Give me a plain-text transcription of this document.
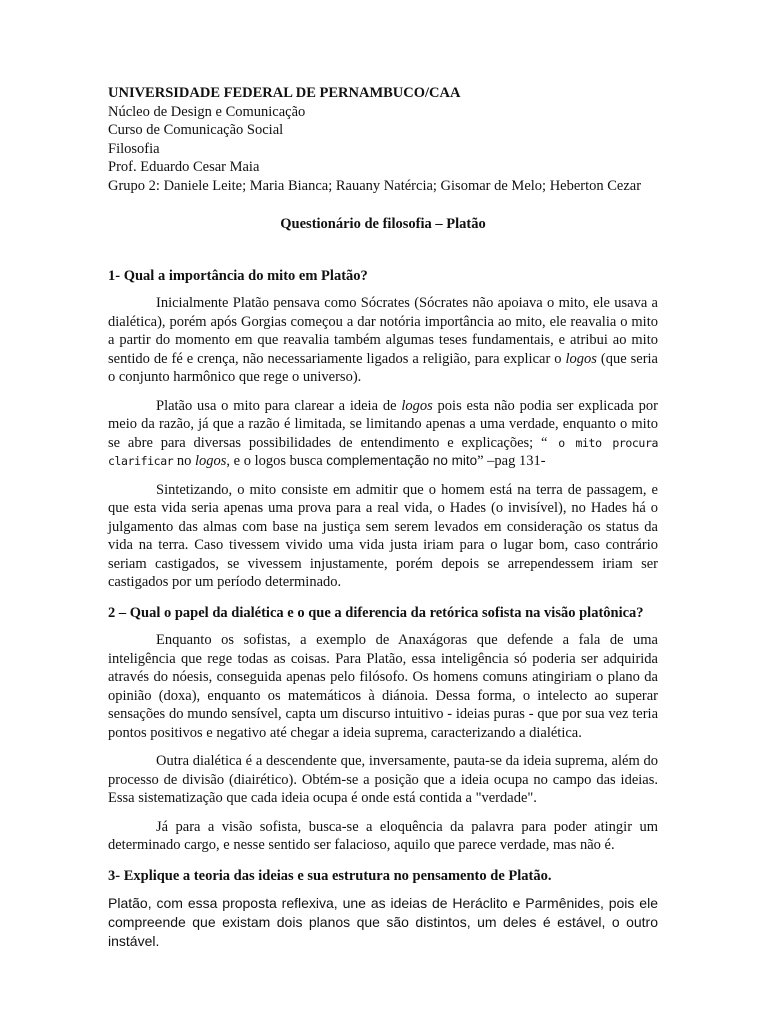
UNIVERSIDADE FEDERAL DE PERNAMBUCO/CAA
Núcleo de Design e Comunicação
Curso de Comunicação Social
Filosofia
Prof. Eduardo Cesar Maia
Grupo 2: Daniele Leite; Maria Bianca; Rauany Natércia; Gisomar de Melo; Heberton Cezar
Questionário de filosofia – Platão
1- Qual a importância do mito em Platão?

Inicialmente Platão pensava como Sócrates (Sócrates não apoiava o mito, ele usava a dialética), porém após Gorgias começou a dar notória importância ao mito, ele reavalia o mito a partir do momento em que reavalia também algumas teses fundamentais, e atribui ao mito sentido de fé e crença, não necessariamente ligados a religião, para explicar o logos (que seria o conjunto harmônico que rege o universo).

Platão usa o mito para clarear a ideia de logos pois esta não podia ser explicada por meio da razão, já que a razão é limitada, se limitando apenas a uma verdade, enquanto o mito se abre para diversas possibilidades de entendimento e explicações; “ o mito procura clarificar no logos, e o logos busca complementação no mito” –pag 131-

Sintetizando, o mito consiste em admitir que o homem está na terra de passagem, e que esta vida seria apenas uma prova para a real vida, o Hades (o invisível), no Hades há o julgamento das almas com base na justiça sem serem levados em consideração os status da vida na terra. Caso tivessem vivido uma vida justa iriam para o lugar bom, caso contrário seriam castigados, se vivessem injustamente, porém depois se arrependessem iriam ser castigados por um período determinado.

2 – Qual o papel da dialética e o que a diferencia da retórica sofista na visão platônica?

Enquanto os sofistas, a exemplo de Anaxágoras que defende a fala de uma inteligência que rege todas as coisas. Para Platão, essa inteligência só poderia ser adquirida através do nóesis, conseguida apenas pelo filósofo. Os homens comuns atingiriam o plano da opinião (doxa), enquanto os matemáticos à diánoia. Dessa forma, o intelecto ao superar sensações do mundo sensível, capta um discurso intuitivo - ideias puras - que por sua vez teria pontos positivos e negativo até chegar a ideia suprema, caracterizando a dialética.

Outra dialética é a descendente que, inversamente, pauta-se da ideia suprema, além do processo de divisão (diairético). Obtém-se a posição que a ideia ocupa no campo das ideias. Essa sistematização que cada ideia ocupa é onde está contida a "verdade".

Já para a visão sofista, busca-se a eloquência da palavra para poder atingir um determinado cargo, e nesse sentido ser falacioso, aquilo que parece verdade, mas não é.

3- Explique a teoria das ideias e sua estrutura no pensamento de Platão.

Platão, com essa proposta reflexiva, une as ideias de Heráclito e Parmênides, pois ele compreende que existam dois planos que são distintos, um deles é estável, o outro instável.
